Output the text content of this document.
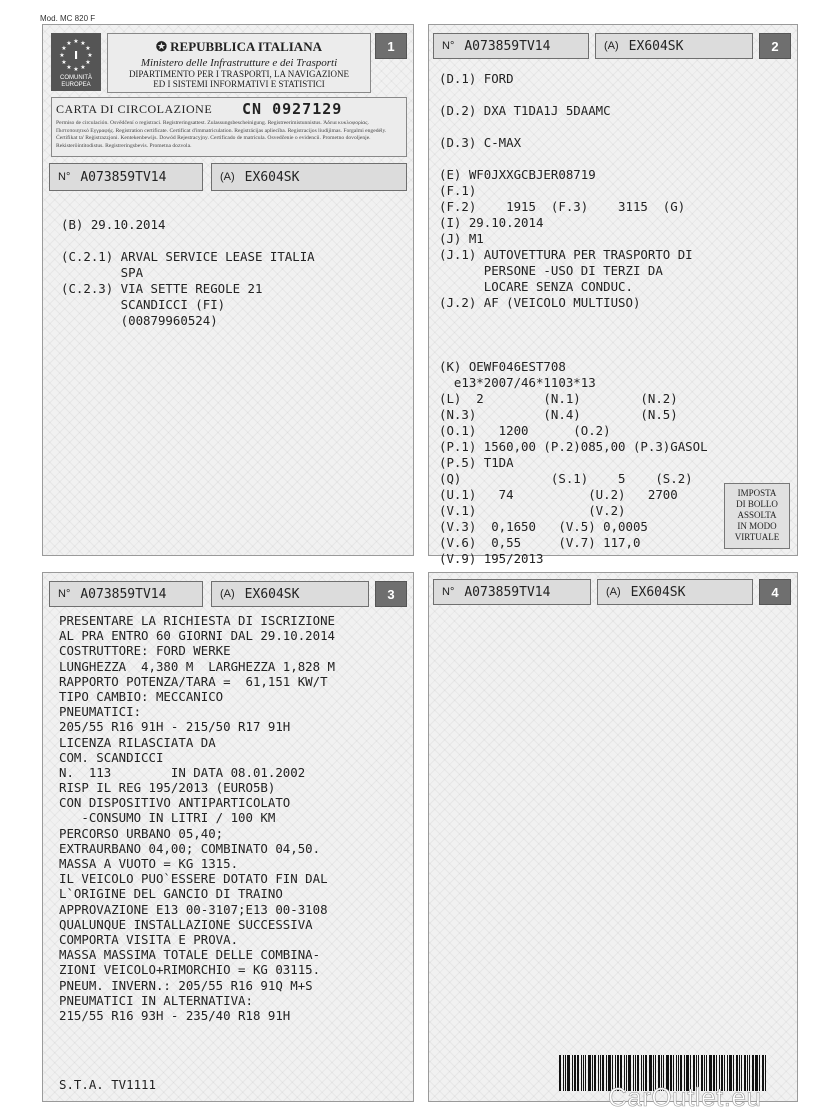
Mod. MC 820 F
★ ★
★
★
★
★
★
★
★
★
★
★
I
COMUNITÀ EUROPEA
✪ REPUBBLICA ITALIANA
Ministero delle Infrastrutture e dei Trasporti
DIPARTIMENTO PER I TRASPORTI, LA NAVIGAZIONE
ED I SISTEMI INFORMATIVI E STATISTICI
1
CARTA DI CIRCOLAZIONE CN 0927129
Permiso de circulación. Osvědčení o registraci. Registreringsattest. Zulassungsbescheinigung. Registreerimistunnistus. Άδεια κυκλοφορίας. Πιστοποιητικό Εγγραφής. Registration certificate. Certificat d'immatriculation. Registrácijas apliecība. Registracijos liudijimas. Forgalmi engedély. Ċertifikat ta' Reġistrazzjoni. Kentekenbewijs. Dowód Rejestracyjny. Certificado de matrícula. Osvedčenie o evidencii. Prometno dovoljenje. Rekisteröintitodistus. Registreringsbevis. Prometna dozvola.
N° A073859TV14	(A) EX604SK
(B) 29.10.2014
(C.2.1) ARVAL SERVICE LEASE ITALIA
SPA
(C.2.3) VIA SETTE REGOLE 21
SCANDICCI (FI)
(00879960524)
N° A073859TV14	(A) EX604SK	2
(D.1) FORD
(D.2) DXA T1DA1J 5DAAMC
(D.3) C-MAX
(E) WF0JXXGCBJER08719
(F.1)
(F.2)    1915  (F.3)    3115  (G)
(I) 29.10.2014
(J) M1
(J.1) AUTOVETTURA PER TRASPORTO DI
PERSONE -USO DI TERZI DA
LOCARE SENZA CONDUC.
(J.2) AF (VEICOLO MULTIUSO)
(K) OEWF046EST708
e13*2007/46*1103*13
(L)  2        (N.1)        (N.2)
(N.3)         (N.4)        (N.5)
(O.1)   1200      (O.2)
(P.1) 1560,00 (P.2)085,00 (P.3)GASOL
(P.5) T1DA
(Q)            (S.1)    5    (S.2)
(U.1)   74          (U.2)   2700
(V.1)               (V.2)
(V.3)  0,1650   (V.5) 0,0005
(V.6)  0,55     (V.7) 117,0
(V.9) 195/2013
IMPOSTA
DI BOLLO
ASSOLTA
IN MODO
VIRTUALE
N° A073859TV14	(A) EX604SK	3
PRESENTARE LA RICHIESTA DI ISCRIZIONE
AL PRA ENTRO 60 GIORNI DAL 29.10.2014
COSTRUTTORE: FORD WERKE
LUNGHEZZA  4,380 M  LARGHEZZA 1,828 M
RAPPORTO POTENZA/TARA =  61,151 KW/T
TIPO CAMBIO: MECCANICO
PNEUMATICI:
205/55 R16 91H - 215/50 R17 91H
LICENZA RILASCIATA DA
COM. SCANDICCI
N.  113        IN DATA 08.01.2002
RISP IL REG 195/2013 (EURO5B)
CON DISPOSITIVO ANTIPARTICOLATO
-CONSUMO IN LITRI / 100 KM
PERCORSO URBANO 05,40;
EXTRAURBANO 04,00; COMBINATO 04,50.
MASSA A VUOTO = KG 1315.
IL VEICOLO PUO`ESSERE DOTATO FIN DAL
L`ORIGINE DEL GANCIO DI TRAINO
APPROVAZIONE E13 00-3107;E13 00-3108
QUALUNQUE INSTALLAZIONE SUCCESSIVA
COMPORTA VISITA E PROVA.
MASSA MASSIMA TOTALE DELLE COMBINA-
ZIONI VEICOLO+RIMORCHIO = KG 03115.
PNEUM. INVERN.: 205/55 R16 91Q M+S
PNEUMATICI IN ALTERNATIVA:
215/55 R16 93H - 235/40 R18 91H
S.T.A. TV1111
N° A073859TV14	(A) EX604SK	4
CarOutlet.eu
